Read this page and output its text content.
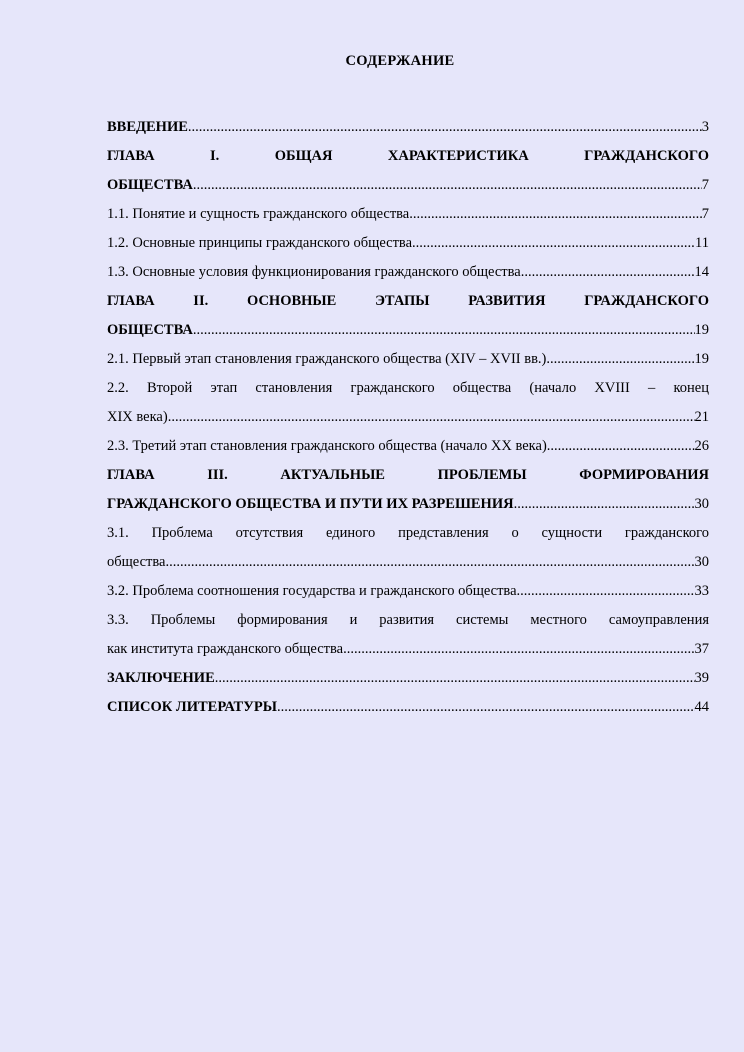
СОДЕРЖАНИЕ
ВВЕДЕНИЕ .....	3
ГЛАВА I. ОБЩАЯ ХАРАКТЕРИСТИКА ГРАЖДАНСКОГО
ОБЩЕСТВА .....	7
1.1. Понятие и сущность гражданского общества .....	7
1.2. Основные принципы гражданского общества .....	11
1.3. Основные условия функционирования гражданского общества .....	14
ГЛАВА II. ОСНОВНЫЕ ЭТАПЫ РАЗВИТИЯ ГРАЖДАНСКОГО
ОБЩЕСТВА .....	19
2.1. Первый этап становления гражданского общества (XIV – XVII вв.) .....	19
2.2. Второй этап становления гражданского общества (начало XVIII – конец
XIX века) .....	21
2.3. Третий этап становления гражданского общества (начало XX века) .....	26
ГЛАВА III. АКТУАЛЬНЫЕ ПРОБЛЕМЫ ФОРМИРОВАНИЯ
ГРАЖДАНСКОГО ОБЩЕСТВА И ПУТИ ИХ РАЗРЕШЕНИЯ .....	30
3.1. Проблема отсутствия единого представления о сущности гражданского
общества .....	30
3.2. Проблема соотношения государства и гражданского общества .....	33
3.3. Проблемы формирования и развития системы местного самоуправления
как института гражданского общества .....	37
ЗАКЛЮЧЕНИЕ .....	39
СПИСОК ЛИТЕРАТУРЫ .....	44
